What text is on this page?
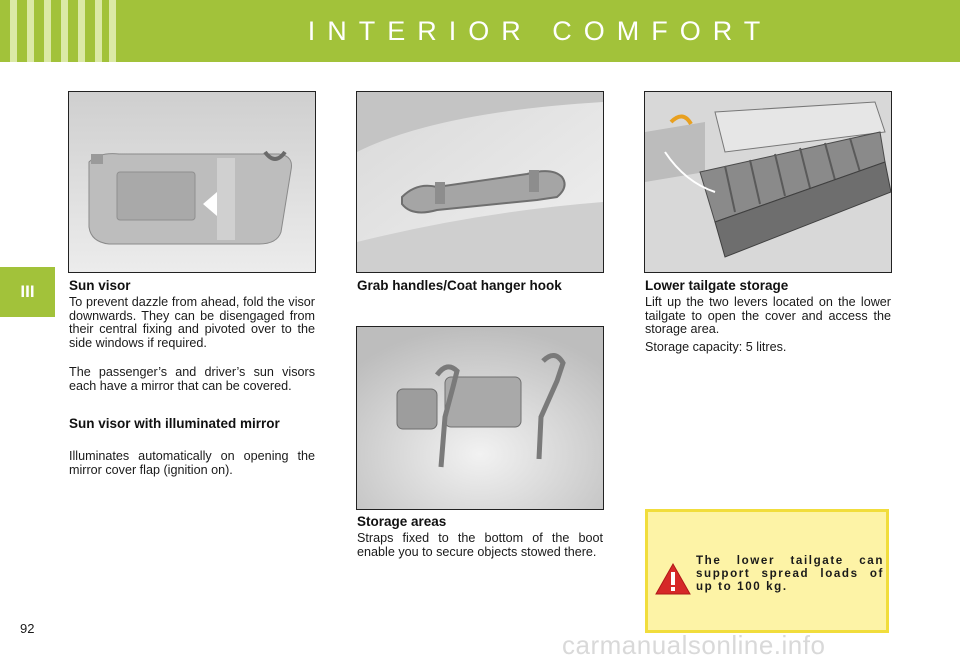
INTERIOR COMFORT
III	Sun visor

To prevent dazzle from ahead, fold the visor downwards. They can be disengaged from their central fixing and pivoted over to the side windows if required.

The passenger’s and driver’s sun visors each have a mirror that can be covered.

Sun visor with illuminated mirror

Illuminates automatically on opening the mirror cover flap (ignition on).

Grab handles/Coat hanger hook
Storage areas

Straps fixed to the bottom of the boot enable you to secure objects stowed there.

Lower tailgate storage

Lift up the two levers located on the lower tailgate to open the cover and access the storage area.

Storage capacity: 5 litres.

The lower tailgate can support spread loads of up to 100 kg.
92
carmanualsonline.info
